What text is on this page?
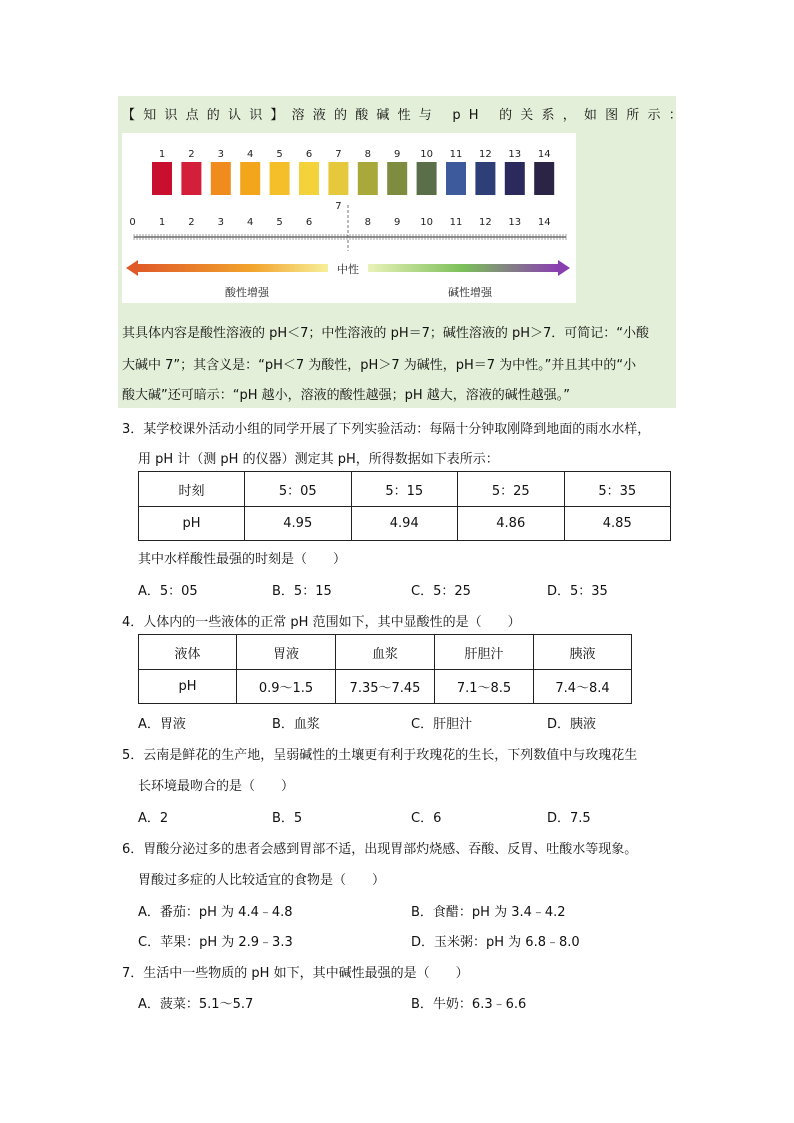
【知识点的认识】溶液的酸碱性与 pH 的关系，如图所示：
1 2 3 4 5 6 7 8 9 10 11 12 13 14
0 1 2 3 4 5 6
7
8 9 10 11 12 13 14
中性
酸性增强	碱性增强
其具体内容是酸性溶液的 pH＜7；中性溶液的 pH＝7；碱性溶液的 pH＞7．可简记：“小酸
大碱中 7”；其含义是：“pH＜7 为酸性，pH＞7 为碱性，pH＝7 为中性。”并且其中的“小
酸大碱”还可暗示：“pH 越小，溶液的酸性越强；pH 越大，溶液的碱性越强。”
3．某学校课外活动小组的同学开展了下列实验活动：每隔十分钟取刚降到地面的雨水水样，
用 pH 计（测 pH 的仪器）测定其 pH，所得数据如下表所示：
时刻	5：05	5：15	5：25	5：35
pH	4.95	4.94	4.86	4.85
其中水样酸性最强的时刻是（　　）
A．5：05	B．5：15	C．5：25	D．5：35
4．人体内的一些液体的正常 pH 范围如下，其中显酸性的是（　　）
液体	胃液	血浆	肝胆汁	胰液
pH	0.9～1.5	7.35～7.45	7.1～8.5	7.4～8.4
A．胃液	B．血浆	C．肝胆汁	D．胰液
5．云南是鲜花的生产地，呈弱碱性的土壤更有利于玫瑰花的生长，下列数值中与玫瑰花生
长环境最吻合的是（　　）
A．2	B．5	C．6	D．7.5
6．胃酸分泌过多的患者会感到胃部不适，出现胃部灼烧感、吞酸、反胃、吐酸水等现象。
胃酸过多症的人比较适宜的食物是（　　）
A．番茄：pH 为 4.4﹣4.8	B．食醋：pH 为 3.4﹣4.2
C．苹果：pH 为 2.9﹣3.3	D．玉米粥：pH 为 6.8﹣8.0
7．生活中一些物质的 pH 如下，其中碱性最强的是（　　）
A．菠菜：5.1～5.7	B．牛奶：6.3﹣6.6
